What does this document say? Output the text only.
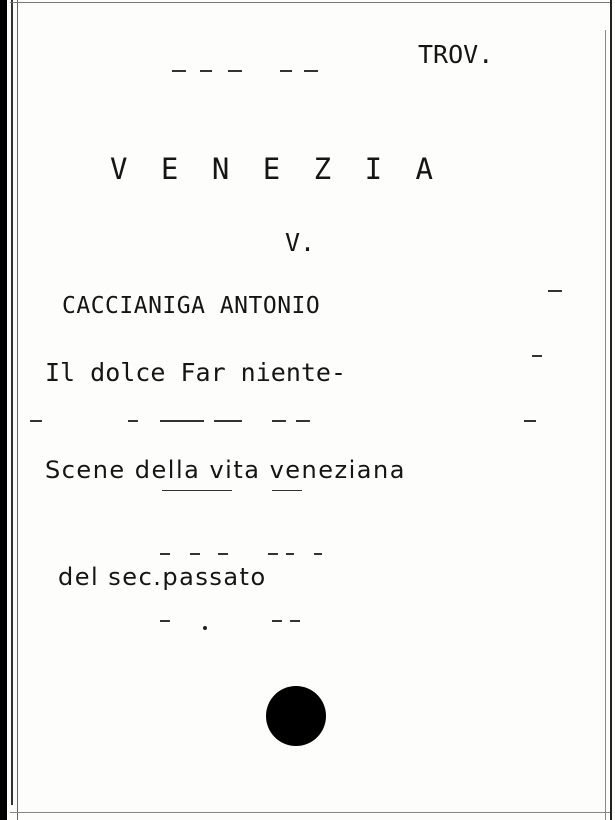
TROV.
V E N E Z I A
V.
CACCIANIGA ANTONIO
Il dolce Far niente-
Scene della vita veneziana
del sec.passato
